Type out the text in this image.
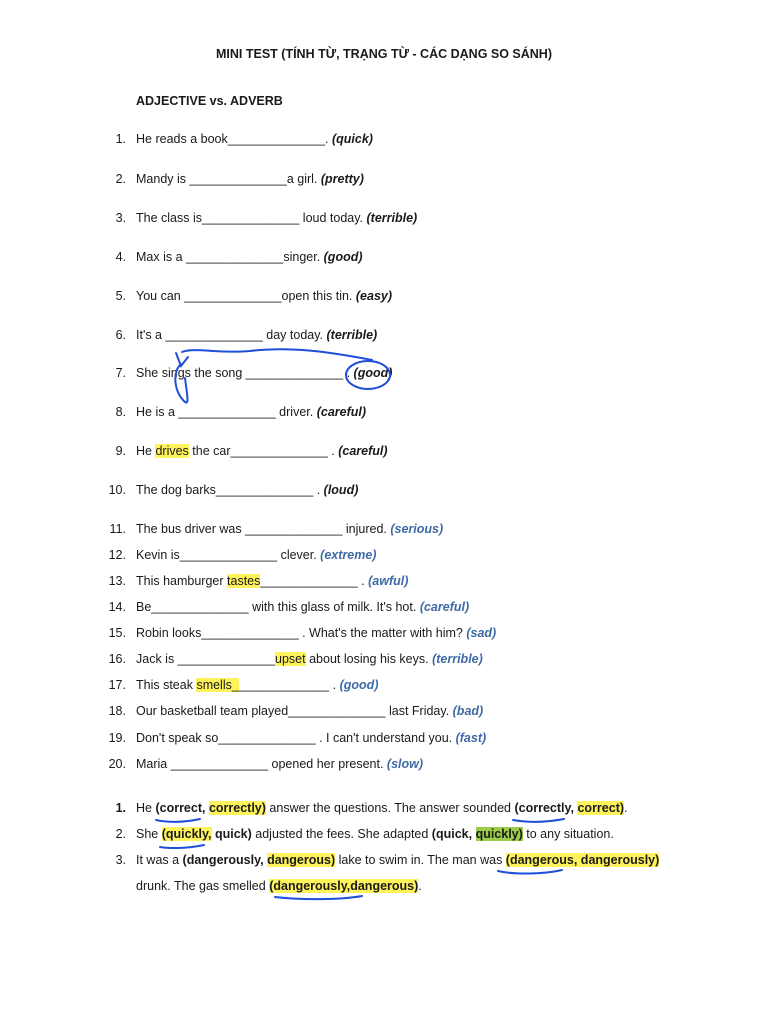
MINI TEST (TÍNH TỪ, TRẠNG TỪ - CÁC DẠNG SO SÁNH)
ADJECTIVE vs. ADVERB
1. He reads a book______________. (quick)
2. Mandy is ______________a girl. (pretty)
3. The class is______________ loud today. (terrible)
4. Max is a ______________singer. (good)
5. You can ______________open this tin. (easy)
6. It's a ______________ day today. (terrible)
7. She sings the song ______________ . (good)
8. He is a ______________ driver. (careful)
9. He drives the car______________ . (careful)
10. The dog barks______________ . (loud)
11. The bus driver was ______________ injured. (serious)
12. Kevin is______________ clever. (extreme)
13. This hamburger tastes______________ . (awful)
14. Be______________ with this glass of milk. It's hot. (careful)
15. Robin looks______________ . What's the matter with him? (sad)
16. Jack is ______________upset about losing his keys. (terrible)
17. This steak smells______________ . (good)
18. Our basketball team played______________ last Friday. (bad)
19. Don't speak so______________ . I can't understand you. (fast)
20. Maria ______________ opened her present. (slow)
1. He (correct, correctly) answer the questions. The answer sounded (correctly, correct).
2. She (quickly, quick) adjusted the fees. She adapted (quick, quickly) to any situation.
3. It was a (dangerously, dangerous) lake to swim in. The man was (dangerous, dangerously)
drunk. The gas smelled (dangerously,dangerous).
